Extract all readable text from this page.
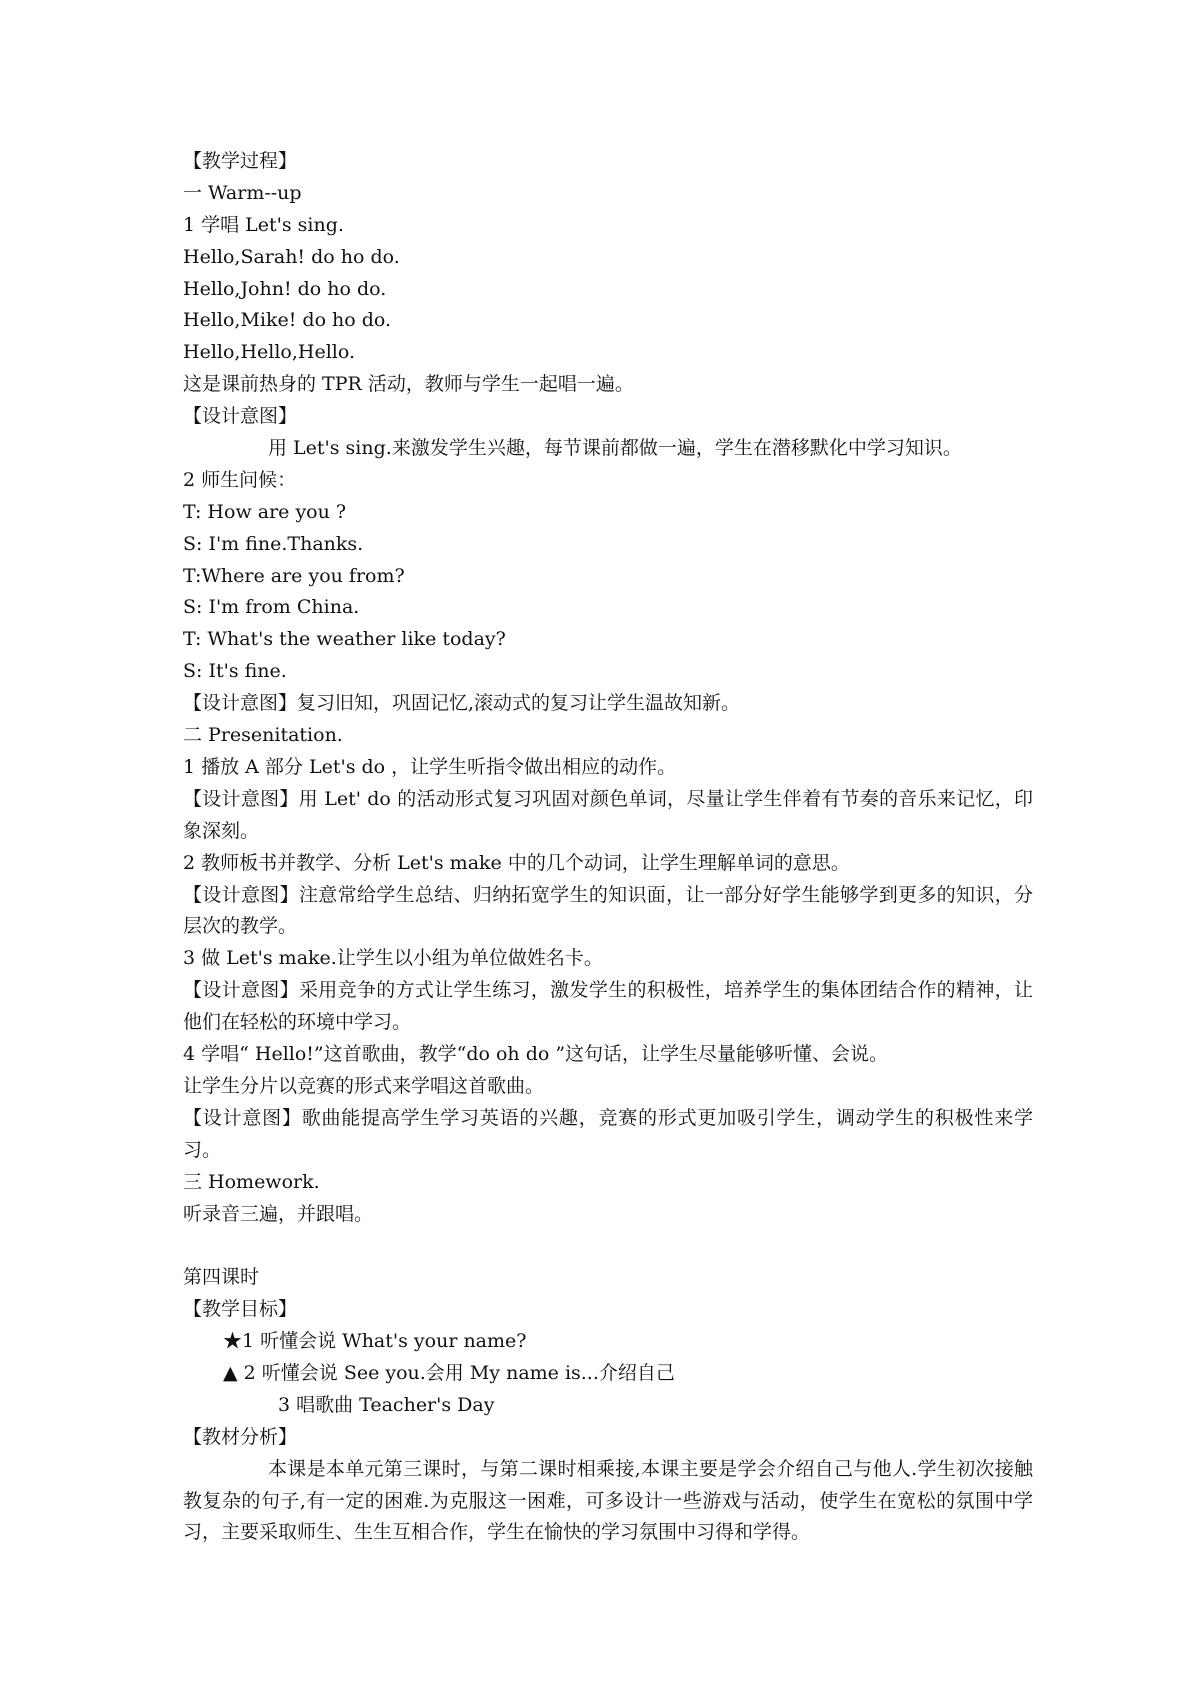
【教学过程】
一 Warm--up
1 学唱 Let's sing.
Hello,Sarah! do ho do.
Hello,John! do ho do.
Hello,Mike! do ho do.
Hello,Hello,Hello.
这是课前热身的 TPR 活动，教师与学生一起唱一遍。
【设计意图】
用 Let's sing.来激发学生兴趣，每节课前都做一遍，学生在潜移默化中学习知识。
2 师生问候：
T: How are you ?
S: I'm fine.Thanks.
T:Where are you from?
S: I'm from China.
T: What's the weather like today?
S: It's fine.
【设计意图】复习旧知，巩固记忆,滚动式的复习让学生温故知新。
二 Presenitation.
1 播放 A 部分 Let's do ，让学生听指令做出相应的动作。
【设计意图】用 Let' do 的活动形式复习巩固对颜色单词，尽量让学生伴着有节奏的音乐来记忆，印象深刻。
2 教师板书并教学、分析 Let's make 中的几个动词，让学生理解单词的意思。
【设计意图】注意常给学生总结、归纳拓宽学生的知识面，让一部分好学生能够学到更多的知识，分层次的教学。
3 做 Let's make.让学生以小组为单位做姓名卡。
【设计意图】采用竞争的方式让学生练习，激发学生的积极性，培养学生的集体团结合作的精神，让他们在轻松的环境中学习。
4 学唱“ Hello!”这首歌曲，教学“do oh do ”这句话，让学生尽量能够听懂、会说。
让学生分片以竞赛的形式来学唱这首歌曲。
【设计意图】歌曲能提高学生学习英语的兴趣，竞赛的形式更加吸引学生，调动学生的积极性来学习。
三 Homework.
听录音三遍，并跟唱。
第四课时
【教学目标】
★1 听懂会说 What's your name?
▲ 2 听懂会说 See you.会用 My name is...介绍自己
3 唱歌曲 Teacher's Day
【教材分析】
本课是本单元第三课时，与第二课时相乘接,本课主要是学会介绍自己与他人.学生初次接触教复杂的句子,有一定的困难.为克服这一困难，可多设计一些游戏与活动，使学生在宽松的氛围中学习，主要采取师生、生生互相合作，学生在愉快的学习氛围中习得和学得。
